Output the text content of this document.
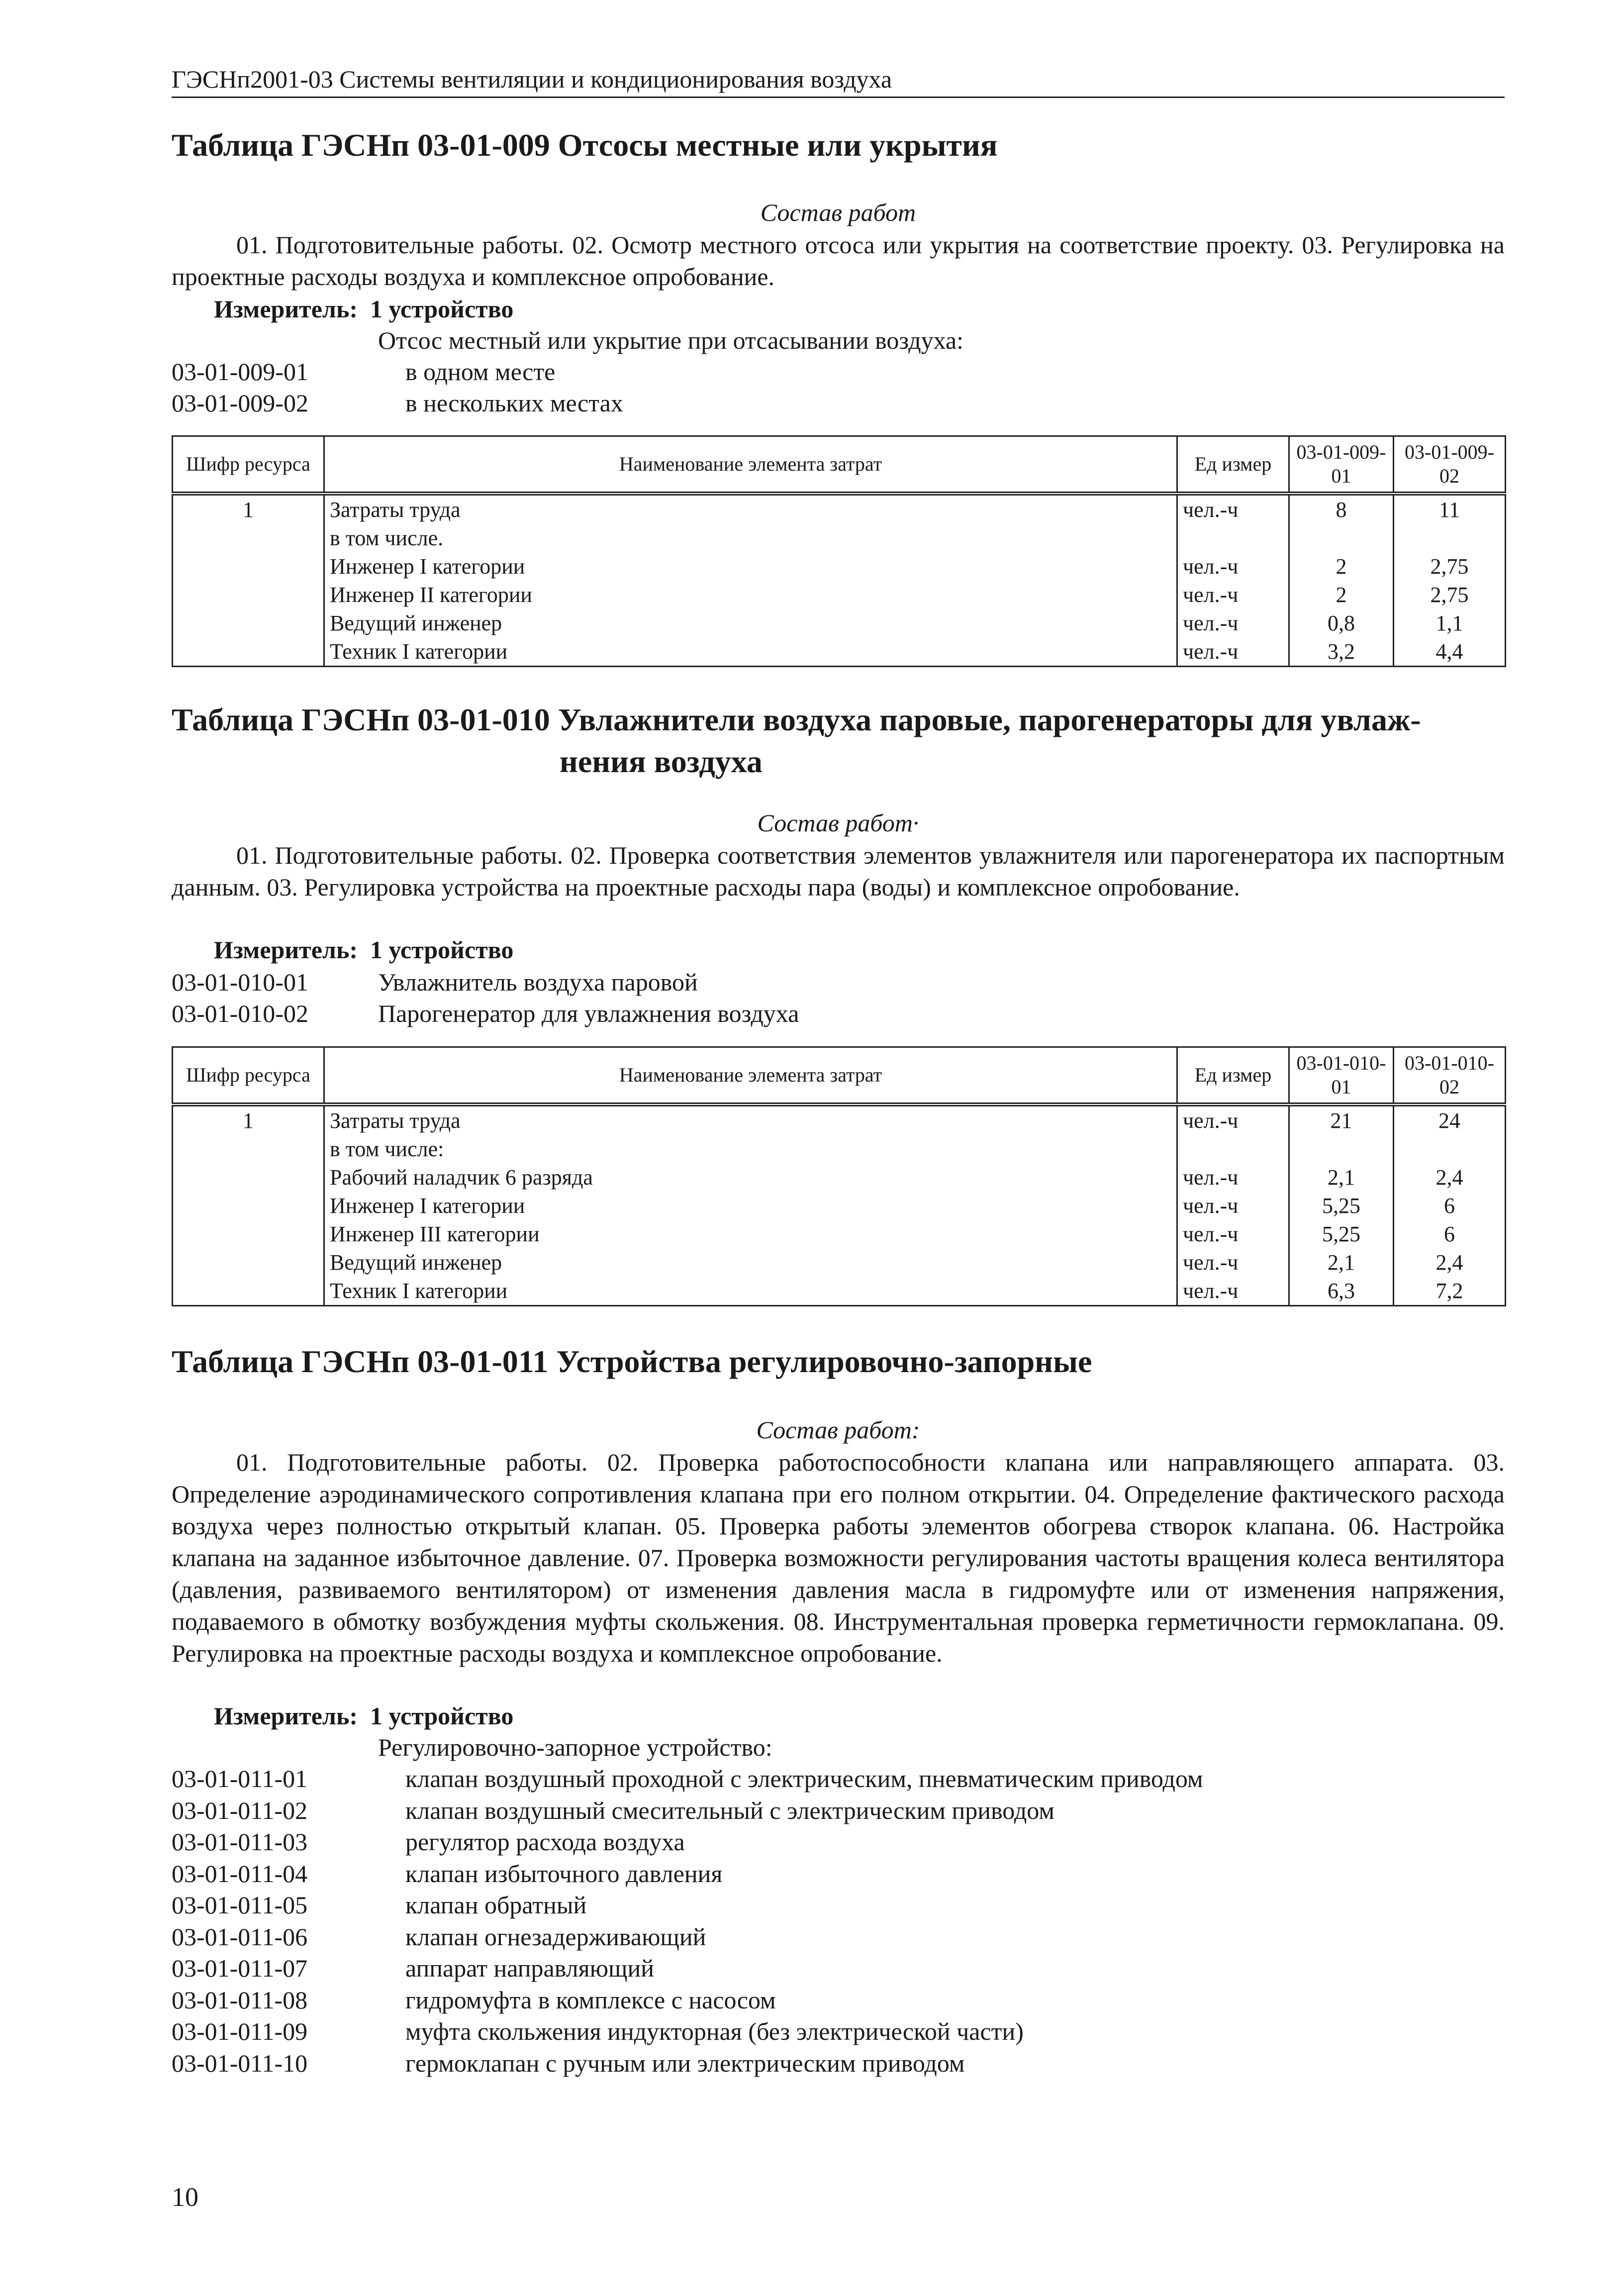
ГЭСНп2001-03 Системы вентиляции и кондиционирования воздуха
Таблица ГЭСНп 03-01-009 Отсосы местные или укрытия
Состав работ
01. Подготовительные работы. 02. Осмотр местного отсоса или укрытия на соответствие проекту. 03. Регулировка на проектные расходы воздуха и комплексное опробование.
Измеритель: 1 устройство
Отсос местный или укрытие при отсасывании воздуха:
03-01-009-01	в одном месте
03-01-009-02	в нескольких местах
Шифр ресурса	Наименование элемента затрат	Ед измер	03-01-009-01	03-01-009-02
1	Затраты труда	чел.-ч	8	11
	в том числе.			
	Инженер I категории	чел.-ч	2	2,75
	Инженер II категории	чел.-ч	2	2,75
	Ведущий инженер	чел.-ч	0,8	1,1
	Техник I категории	чел.-ч	3,2	4,4
Таблица ГЭСНп 03-01-010 Увлажнители воздуха паровые, парогенераторы для увлаж-
нения воздуха
Состав работ·
01. Подготовительные работы. 02. Проверка соответствия элементов увлажнителя или парогенератора их паспортным данным. 03. Регулировка устройства на проектные расходы пара (воды) и комплексное опробование.
Измеритель: 1 устройство
03-01-010-01	Увлажнитель воздуха паровой
03-01-010-02	Парогенератор для увлажнения воздуха
Шифр ресурса	Наименование элемента затрат	Ед измер	03-01-010-01	03-01-010-02
1	Затраты труда	чел.-ч	21	24
	в том числе:			
	Рабочий наладчик 6 разряда	чел.-ч	2,1	2,4
	Инженер I категории	чел.-ч	5,25	6
	Инженер III категории	чел.-ч	5,25	6
	Ведущий инженер	чел.-ч	2,1	2,4
	Техник I категории	чел.-ч	6,3	7,2
Таблица ГЭСНп 03-01-011 Устройства регулировочно-запорные
Состав работ:
01. Подготовительные работы. 02. Проверка работоспособности клапана или направляющего аппарата. 03. Определение аэродинамического сопротивления клапана при его полном открытии. 04. Определение фактического расхода воздуха через полностью открытый клапан. 05. Проверка работы элементов обогрева створок клапана. 06. Настройка клапана на заданное избыточное давление. 07. Проверка возможности регулирования частоты вращения колеса вентилятора (давления, развиваемого вентилятором) от изменения давления масла в гидромуфте или от изменения напряжения, подаваемого в обмотку возбуждения муфты скольжения. 08. Инструментальная проверка герметичности гермоклапана. 09. Регулировка на проектные расходы воздуха и комплексное опробование.
Измеритель: 1 устройство
Регулировочно-запорное устройство:
03-01-011-01	клапан воздушный проходной с электрическим, пневматическим приводом
03-01-011-02	клапан воздушный смесительный с электрическим приводом
03-01-011-03	регулятор расхода воздуха
03-01-011-04	клапан избыточного давления
03-01-011-05	клапан обратный
03-01-011-06	клапан огнезадерживающий
03-01-011-07	аппарат направляющий
03-01-011-08	гидромуфта в комплексе с насосом
03-01-011-09	муфта скольжения индукторная (без электрической части)
03-01-011-10	гермоклапан с ручным или электрическим приводом
10
